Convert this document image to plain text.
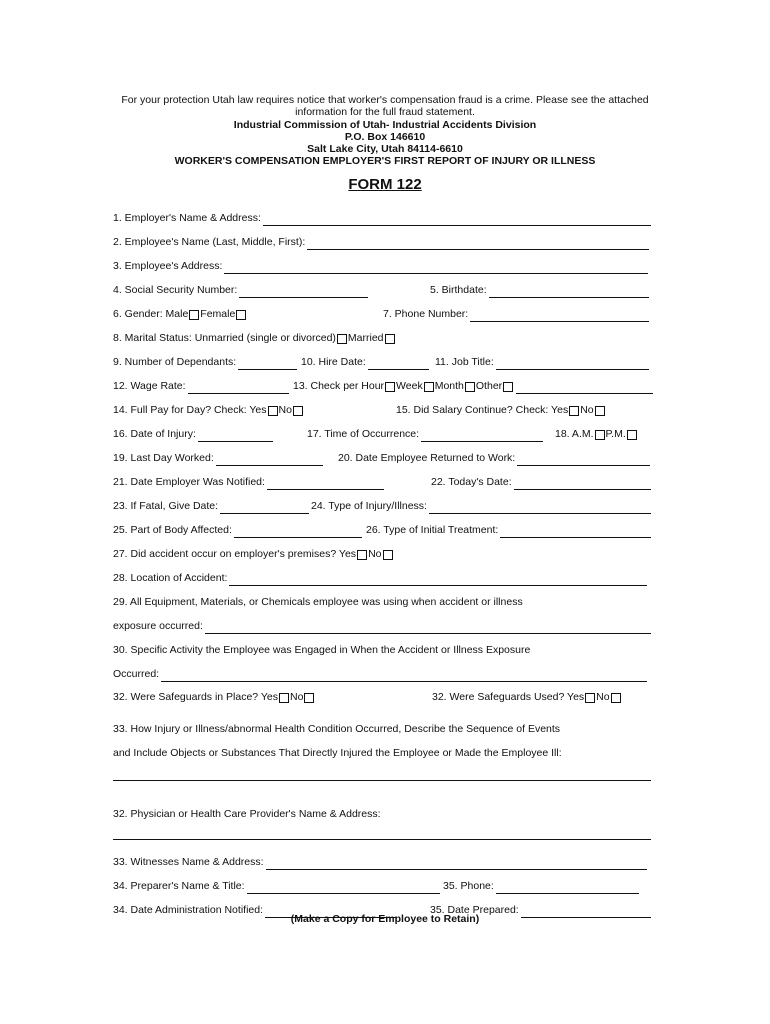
For your protection Utah law requires notice that worker's compensation fraud is a crime. Please see the attached
information for the full fraud statement.
Industrial Commission of Utah- Industrial Accidents Division
P.O. Box 146610
Salt Lake City, Utah 84114-6610
WORKER'S COMPENSATION EMPLOYER'S FIRST REPORT OF INJURY OR ILLNESS
FORM 122
1. Employer's Name & Address:
2. Employee's Name (Last, Middle, First):
3. Employee's Address:
4. Social Security Number:	5. Birthdate:
6. Gender: Male Female	7. Phone Number:
8. Marital Status: Unmarried (single or divorced) Married
9. Number of Dependants:	10. Hire Date:	11. Job Title:
12. Wage Rate:	13. Check per Hour Week Month Other
14. Full Pay for Day? Check: Yes No	15. Did Salary Continue? Check: Yes No
16. Date of Injury:	17. Time of Occurrence:	18. A.M. P.M.
19. Last Day Worked:	20. Date Employee Returned to Work:
21. Date Employer Was Notified:	22. Today's Date:
23. If Fatal, Give Date:	24. Type of Injury/Illness:
25. Part of Body Affected:	26. Type of Initial Treatment:
27. Did accident occur on employer's premises? Yes No
28. Location of Accident:
29. All Equipment, Materials, or Chemicals employee was using when accident or illness
exposure occurred:
30. Specific Activity the Employee was Engaged in When the Accident or Illness Exposure
Occurred:
32. Were Safeguards in Place? Yes No	32. Were Safeguards Used? Yes No
33. How Injury or Illness/abnormal Health Condition Occurred, Describe the Sequence of Events
and Include Objects or Substances That Directly Injured the Employee or Made the Employee Ill:
32. Physician or Health Care Provider's Name & Address:
33. Witnesses Name & Address:
34. Preparer's Name & Title:	35. Phone:
34. Date Administration Notified:	35. Date Prepared:
(Make a Copy for Employee to Retain)
